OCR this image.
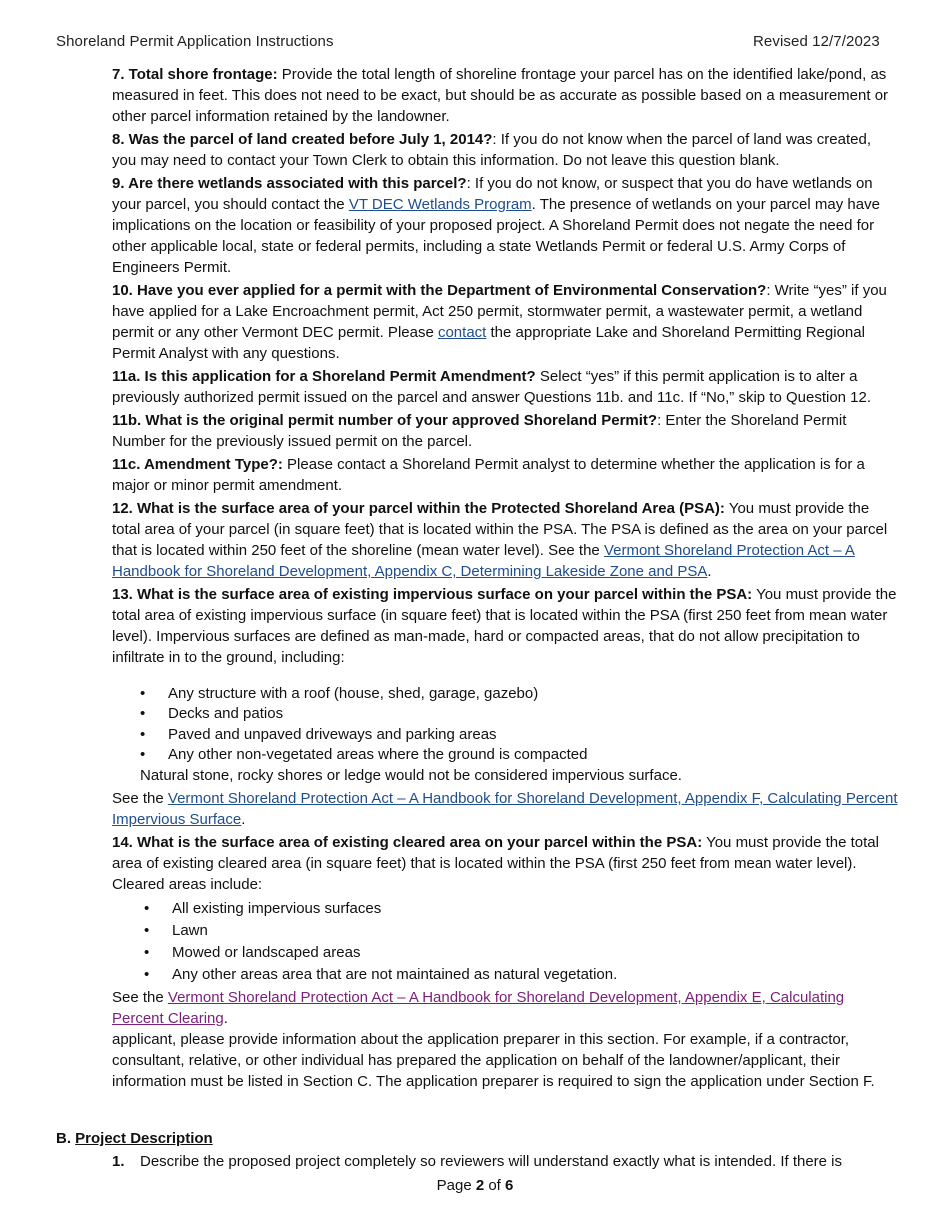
Shoreland Permit Application Instructions	Revised 12/7/2023

7. Total shore frontage: Provide the total length of shoreline frontage your parcel has on the identified lake/pond, as measured in feet. This does not need to be exact, but should be as accurate as possible based on a measurement or other parcel information retained by the landowner.

8. Was the parcel of land created before July 1, 2014?: If you do not know when the parcel of land was created, you may need to contact your Town Clerk to obtain this information. Do not leave this question blank.

9. Are there wetlands associated with this parcel?: If you do not know, or suspect that you do have wetlands on your parcel, you should contact the VT DEC Wetlands Program. The presence of wetlands on your parcel may have implications on the location or feasibility of your proposed project. A Shoreland Permit does not negate the need for other applicable local, state or federal permits, including a state Wetlands Permit or federal U.S. Army Corps of Engineers Permit.

10. Have you ever applied for a permit with the Department of Environmental Conservation?: Write “yes” if you have applied for a Lake Encroachment permit, Act 250 permit, stormwater permit, a wastewater permit, a wetland permit or any other Vermont DEC permit. Please contact the appropriate Lake and Shoreland Permitting Regional Permit Analyst with any questions.

11a. Is this application for a Shoreland Permit Amendment? Select “yes” if this permit application is to alter a previously authorized permit issued on the parcel and answer Questions 11b. and 11c. If “No,” skip to Question 12.

11b. What is the original permit number of your approved Shoreland Permit?: Enter the Shoreland Permit Number for the previously issued permit on the parcel.

11c. Amendment Type?: Please contact a Shoreland Permit analyst to determine whether the application is for a major or minor permit amendment.

12. What is the surface area of your parcel within the Protected Shoreland Area (PSA): You must provide the total area of your parcel (in square feet) that is located within the PSA. The PSA is defined as the area on your parcel that is located within 250 feet of the shoreline (mean water level). See the Vermont Shoreland Protection Act – A Handbook for Shoreland Development, Appendix C, Determining Lakeside Zone and PSA.

13. What is the surface area of existing impervious surface on your parcel within the PSA: You must provide the total area of existing impervious surface (in square feet) that is located within the PSA (first 250 feet from mean water level). Impervious surfaces are defined as man-made, hard or compacted areas, that do not allow precipitation to infiltrate in to the ground, including:

• Any structure with a roof (house, shed, garage, gazebo)
• Decks and patios
• Paved and unpaved driveways and parking areas
• Any other non-vegetated areas where the ground is compacted
Natural stone, rocky shores or ledge would not be considered impervious surface.
See the Vermont Shoreland Protection Act – A Handbook for Shoreland Development, Appendix F, Calculating Percent Impervious Surface.
14. What is the surface area of existing cleared area on your parcel within the PSA: You must provide the total area of existing cleared area (in square feet) that is located within the PSA (first 250 feet from mean water level). Cleared areas include:
• All existing impervious surfaces
• Lawn
• Mowed or landscaped areas
• Any other areas area that are not maintained as natural vegetation.
See the Vermont Shoreland Protection Act – A Handbook for Shoreland Development, Appendix E, Calculating Percent Clearing.
applicant, please provide information about the application preparer in this section. For example, if a contractor, consultant, relative, or other individual has prepared the application on behalf of the landowner/applicant, their information must be listed in Section C. The application preparer is required to sign the application under Section F.
B. Project Description
1. Describe the proposed project completely so reviewers will understand exactly what is intended. If there is
Page 2 of 6
